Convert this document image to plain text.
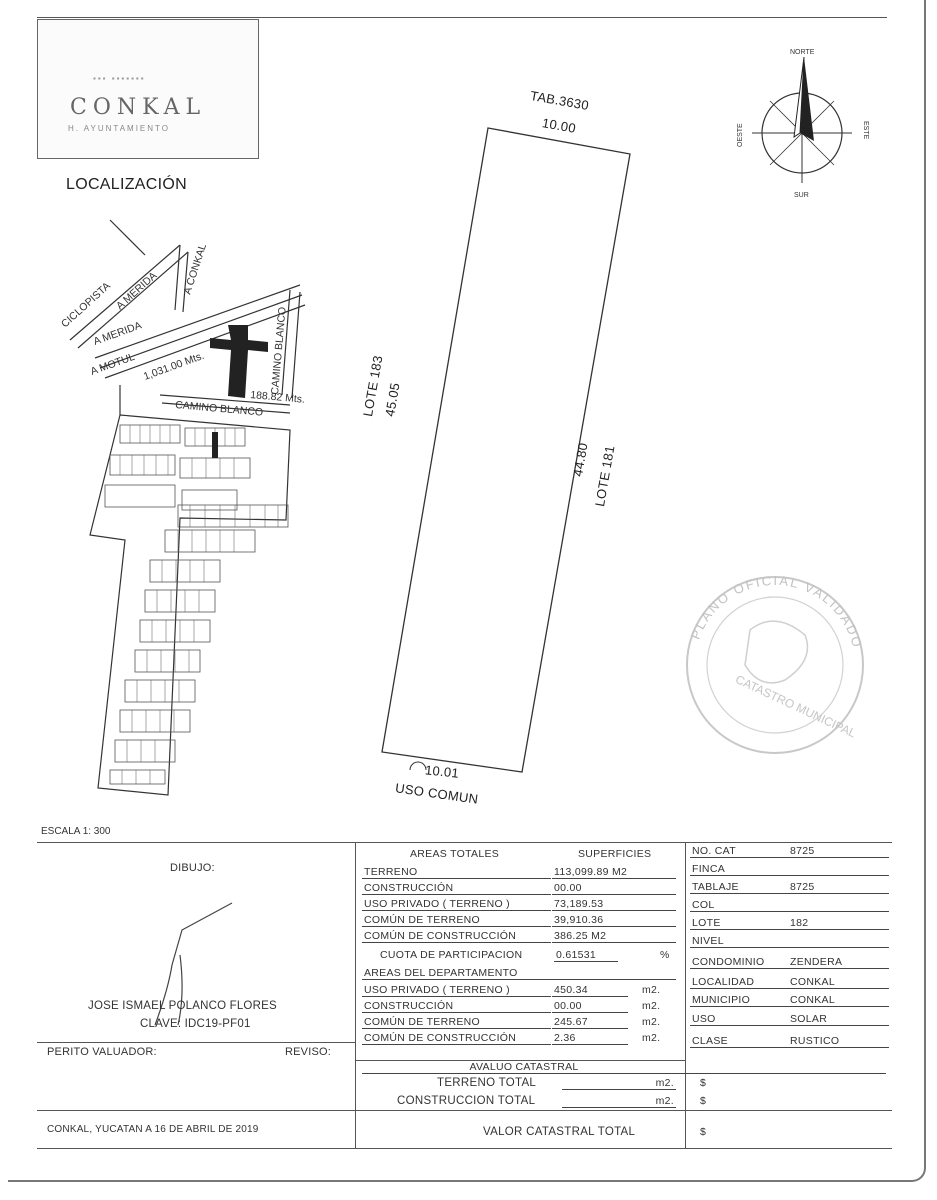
▪▪▪ ▪▪▪▪▪▪▪
CONKAL
H. AYUNTAMIENTO
LOCALIZACIÓN
CICLOPISTA A MERIDA A CONKAL
A MERIDA
A MOTUL 1,031.00 Mts.
188.82 Mts.
CAMINO BLANCO
CAMINO BLANCO
NORTE
SUR
ESTE
OESTE
TAB.3630
10.00
LOTE 183
45.05
44.80 LOTE 181
10.01
USO COMUN
PLANO OFICIAL VALIDADO
CATASTRO MUNICIPAL
ESCALA 1: 300
DIBUJO:
JOSE ISMAEL POLANCO FLORES
CLAVE: IDC19-PF01
PERITO VALUADOR:	REVISO:
CONKAL, YUCATAN A 16 DE ABRIL DE 2019
AREAS TOTALES	SUPERFICIES
TERRENO	113,099.89 M2
CONSTRUCCIÓN	00.00
USO PRIVADO ( TERRENO )	73,189.53
COMÚN DE TERRENO	39,910.36
COMÚN DE CONSTRUCCIÓN	386.25 M2
CUOTA DE PARTICIPACION	0.61531	%
AREAS DEL DEPARTAMENTO
USO PRIVADO ( TERRENO )	450.34	m2.
CONSTRUCCIÓN	00.00	m2.
COMÚN DE TERRENO	245.67	m2.
COMÚN DE CONSTRUCCIÓN	2.36	m2.
NO. CAT	8725
FINCA
TABLAJE	8725
COL
LOTE	182
NIVEL
CONDOMINIO ZENDERA
LOCALIDAD	CONKAL
MUNICIPIO	CONKAL
USO	SOLAR
CLASE	RUSTICO
AVALUO CATASTRAL
TERRENO TOTAL	m2. $
CONSTRUCCION TOTAL	m2. $
VALOR CATASTRAL TOTAL	$
